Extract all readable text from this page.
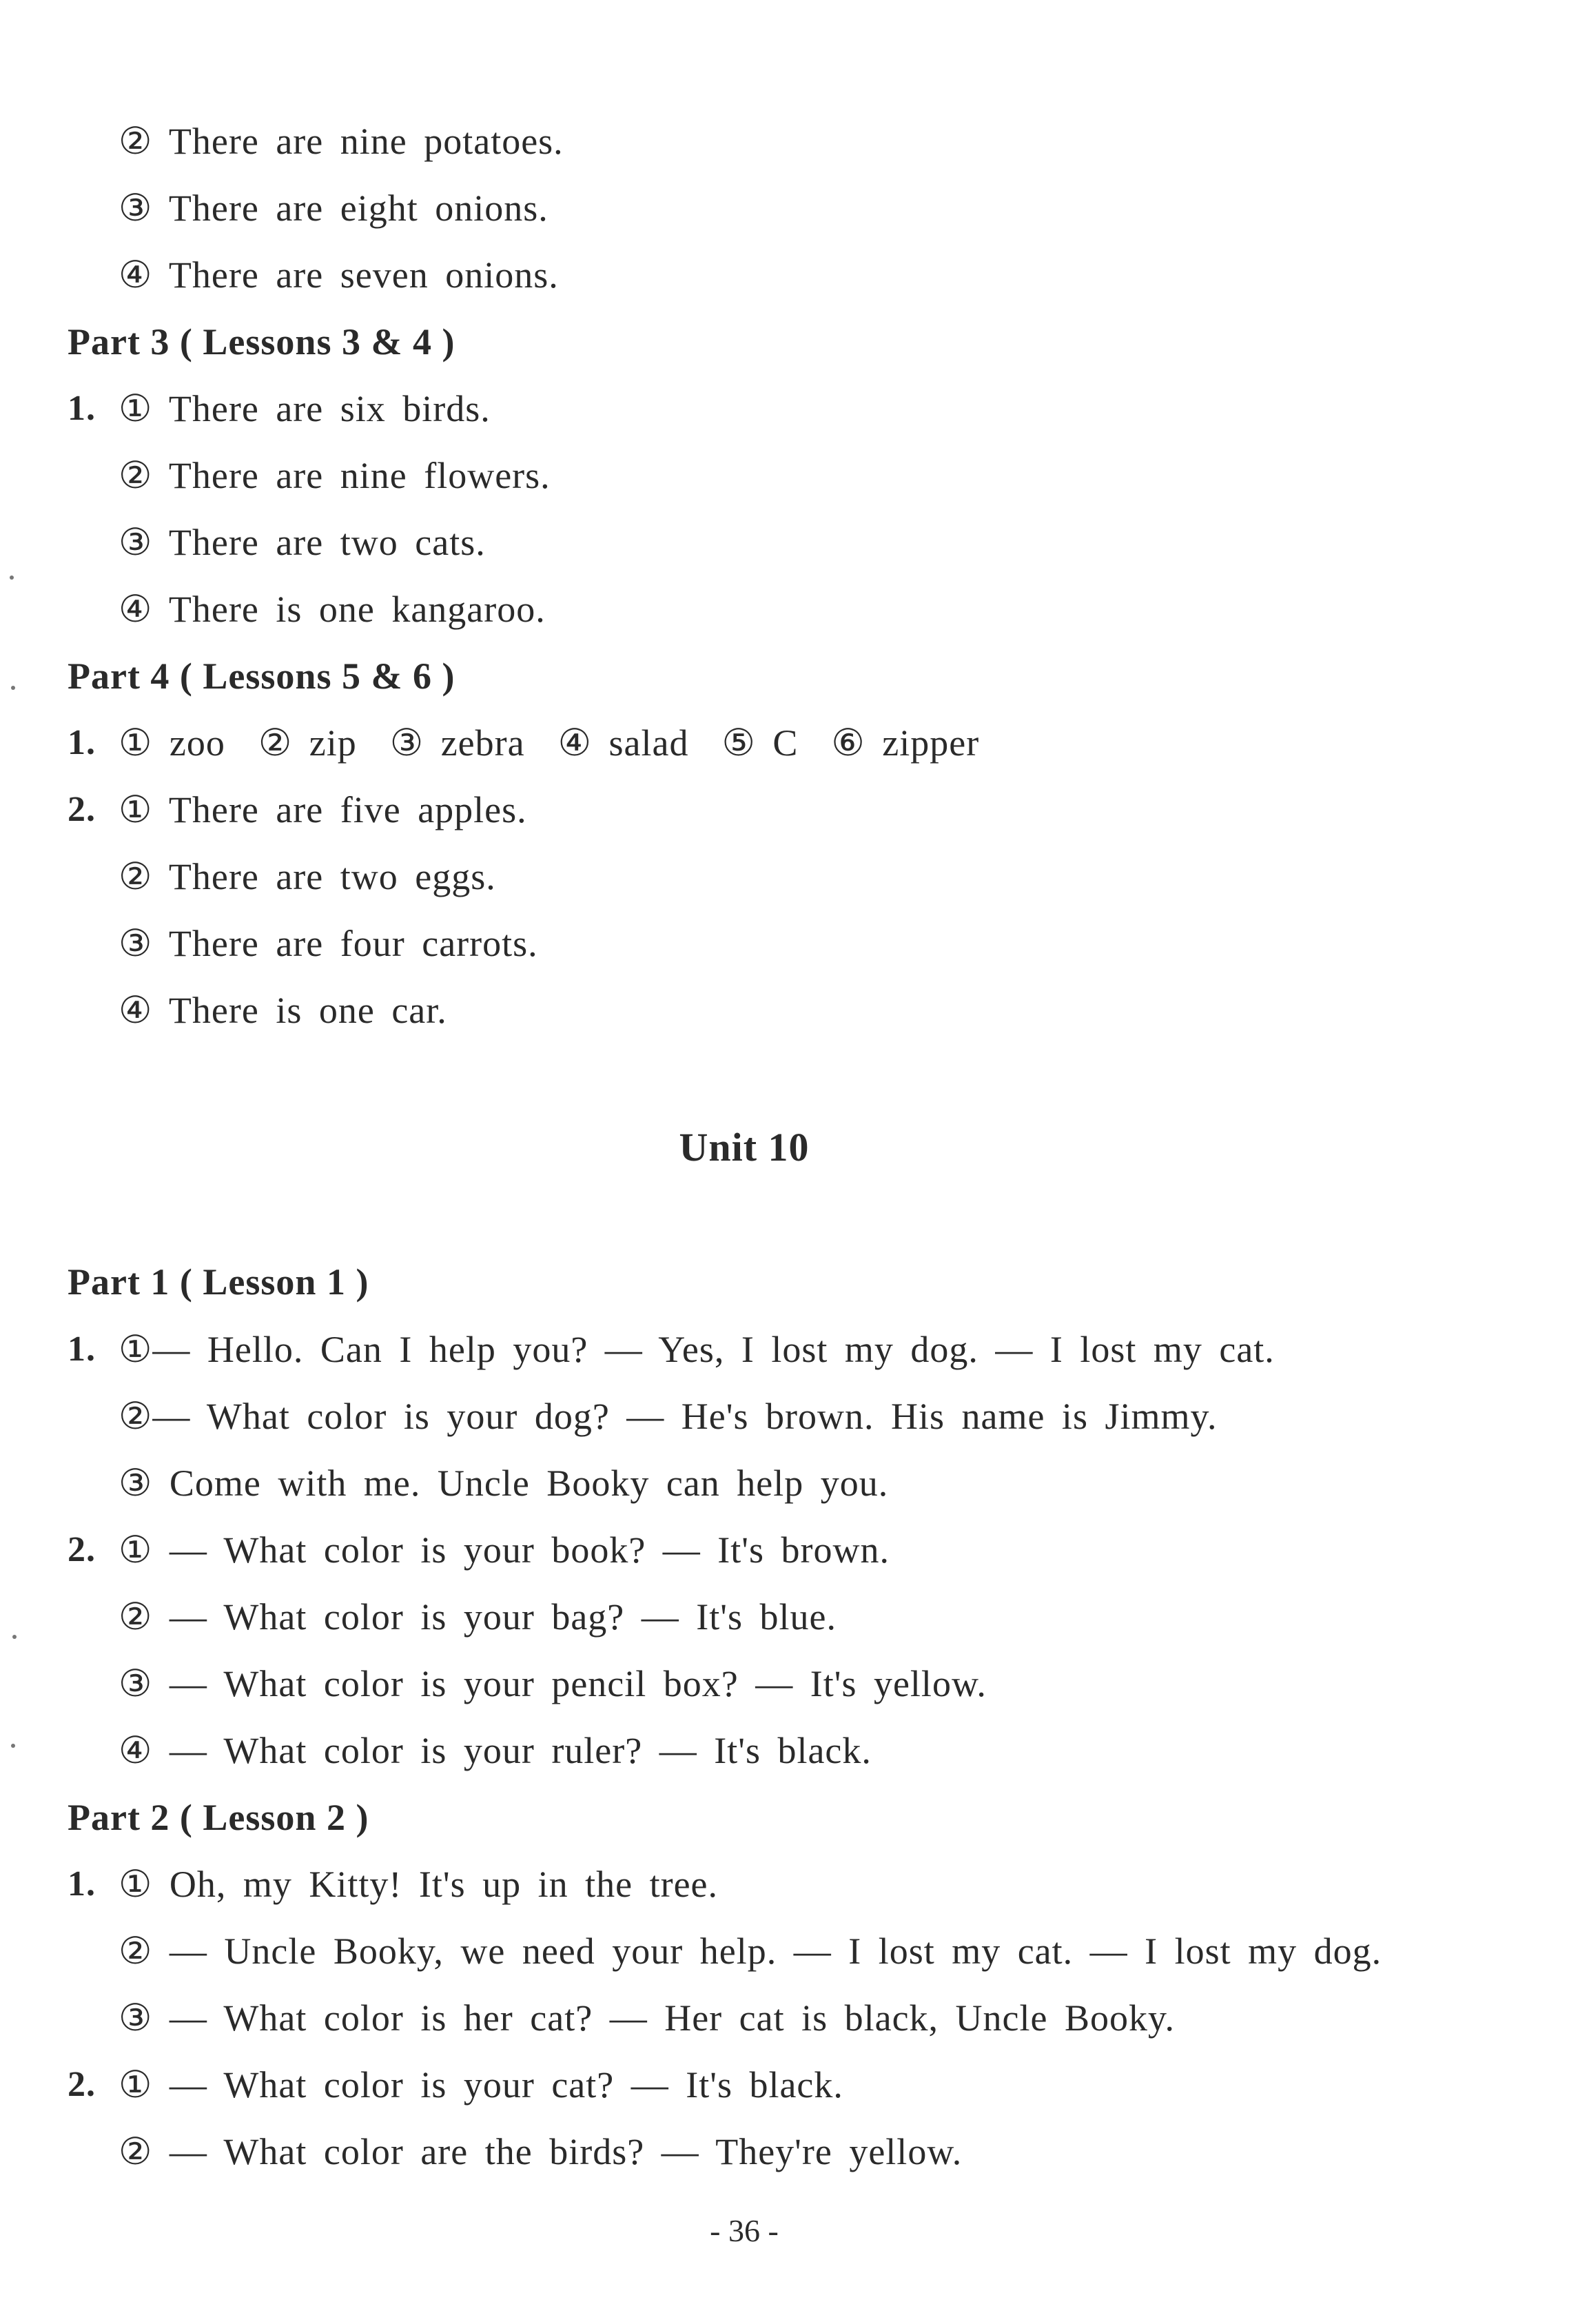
② There are nine potatoes.
③ There are eight onions.
④ There are seven onions.
Part 3 ( Lessons 3 & 4 )
1. ① There are six birds.
② There are nine flowers.
③ There are two cats.
④ There is one kangaroo.
Part 4 ( Lessons 5 & 6 )
1. ① zoo ② zip ③ zebra ④ salad ⑤ C ⑥ zipper
2. ① There are five apples.
② There are two eggs.
③ There are four carrots.
④ There is one car.
Unit 10
Part 1 ( Lesson 1 )
1. ①— Hello. Can I help you? — Yes, I lost my dog. — I lost my cat.
②— What color is your dog? — He's brown. His name is Jimmy.
③ Come with me. Uncle Booky can help you.
2. ① — What color is your book? — It's brown.
② — What color is your bag? — It's blue.
③ — What color is your pencil box? — It's yellow.
④ — What color is your ruler? — It's black.
Part 2 ( Lesson 2 )
1. ① Oh, my Kitty! It's up in the tree.
② — Uncle Booky, we need your help. — I lost my cat. — I lost my dog.
③ — What color is her cat? — Her cat is black, Uncle Booky.
2. ① — What color is your cat? — It's black.
② — What color are the birds? — They're yellow.
- 36 -
